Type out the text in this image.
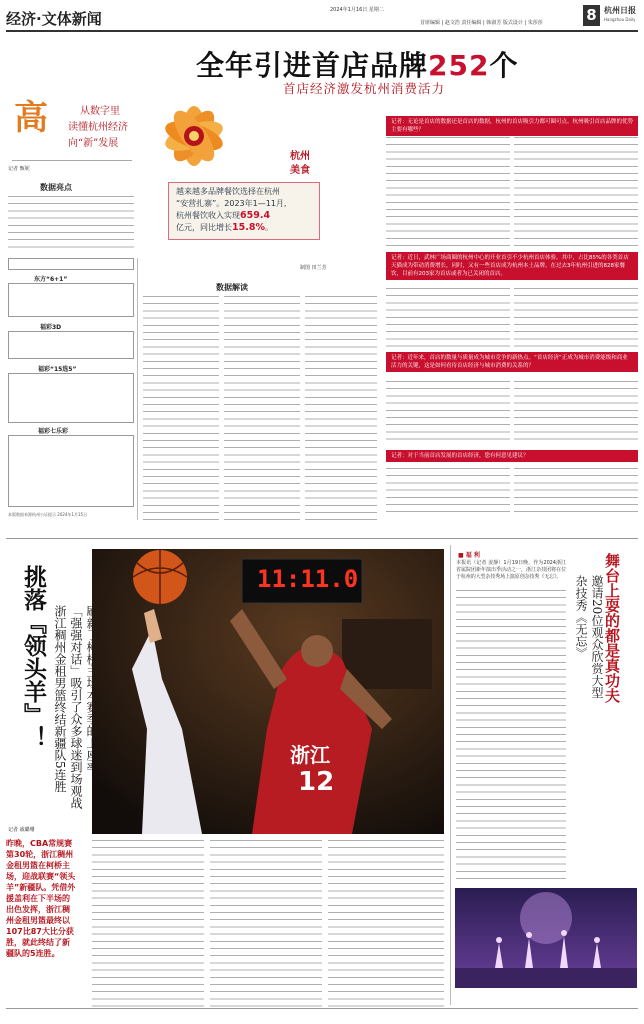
经济·文体新闻	2024年1月16日 星期二
首席编辑 | 赵文浩 责任编辑 | 韩淑芳 版式设计 | 朱莎莎	8 杭州日报
Hangzhou Daily
全年引进首店品牌252个
首店经济激发杭州消费活力
高	从数字里
读懂杭州经济
向“新”发展
记者 甄妮
数据亮点
东方“6+1”
福彩3D
福彩“15选5”
福彩七乐彩
本版数据来源杭州公证提示 2024年1月15日
杭州美食
越来越多品牌餐饮选择在杭州
“安营扎寨”。2023年1—11月,
杭州餐饮收入实现659.4
亿元，同比增长15.8%。
制图 田兰芳
数据解读
记者：无论是首店的数据还是首店的数据，杭州的首店吸引力都可圈可点。杭州吸引首店品牌的优势主要有哪些？
记者：近日，武林广场商圈的杭州中心的开业首引不少杭州首店体验。其中，占比85%的各类首店天猫成为带动消费增长，同时，又有一些首店成为杭州本土品牌。在过去3年杭州引进的828家餐饮，目前有203家为首店或者为已关闭的首店。
记者：近年来，首店的数量与质量成为城市竞争的新热点。“首店经济”正成为城市消费能级和商业活力的关键，这是如何看待首店经济与城市消费的关系的？
记者：对于当前首店发展的首店经济，您有何意见建议？
挑落『领头羊』！ 「强强对话」吸引了众多球迷到场观战
浙江稠州金租男篮终结新疆队5连胜
记者 戚璐珊
昨晚，CBA常规赛第30轮，浙江稠州金租男篮在柯桥主场，迎战联赛“领头羊”新疆队。凭借外援盖利在下半场的出色发挥，浙江稠州金租男篮最终以107比87大比分获胜，就此终结了新疆队的5连胜。
11:11.0
浙江
12
■ 福 利	舞台上耍的都是真功夫
邀请20位观众欣赏大型
杂技秀《无忘》
本报讯（记者 姜静）1月19日晚，作为2024浙江省属院团新年演出季活动之一，浙江杂技团将在位于杭州的大型杂技秀场上演原创杂技秀《无忘》。
